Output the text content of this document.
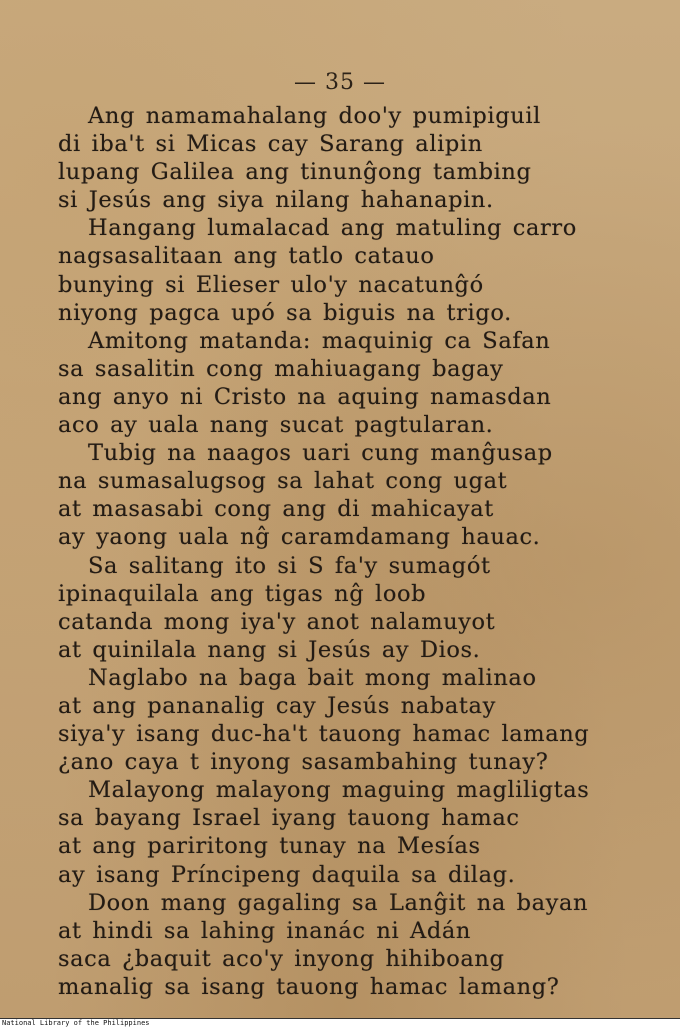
— 35 —
Ang namamahalang doo'y pumipiguil
di iba't si Micas cay Sarang alipin
lupang Galilea ang tinunĝong tambing
si Jesús ang siya nilang hahanapin.
Hangang lumalacad ang matuling carro
nagsasalitaan ang tatlo catauo
bunying si Elieser ulo'y nacatunĝó
niyong pagca upó sa biguis na trigo.
Amitong matanda: maquinig ca Safan
sa sasalitin cong mahiuagang bagay
ang anyo ni Cristo na aquing namasdan
aco ay uala nang sucat pagtularan.
Tubig na naagos uari cung manĝusap
na sumasalugsog sa lahat cong ugat
at masasabi cong ang di mahicayat
ay yaong uala nĝ caramdamang hauac.
Sa salitang ito si S fa'y sumagót
ipinaquilala ang tigas nĝ loob
catanda mong iya'y anot nalamuyot
at quinilala nang si Jesús ay Dios.
Naglabo na baga bait mong malinao
at ang pananalig cay Jesús nabatay
siya'y isang duc-ha't tauong hamac lamang
¿ano caya t inyong sasambahing tunay?
Malayong malayong maguing magliligtas
sa bayang Israel iyang tauong hamac
at ang pariritong tunay na Mesías
ay isang Príncipeng daquila sa dilag.
Doon mang gagaling sa Lanĝit na bayan
at hindi sa lahing inanác ni Adán
saca ¿baquit aco'y inyong hihiboang
manalig sa isang tauong hamac lamang?
National Library of the Philippines
